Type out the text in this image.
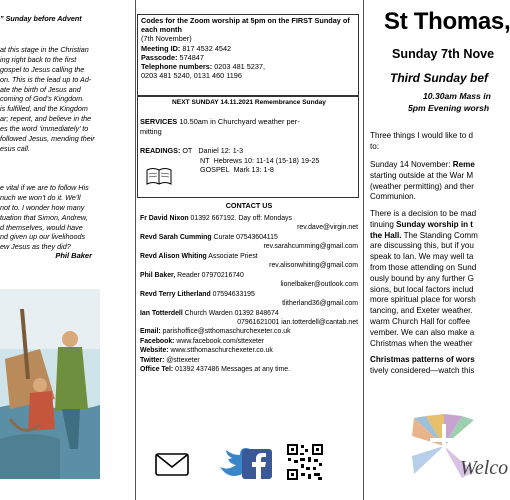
” Sunday before Advent
at this stage in the Christian
ing right back to the first
gospel to Jesus calling the
on. This is the lead up to Ad-
ate the birth of Jesus and
coming of God’s Kingdom.
is fulfilled, and the Kingdom
ar; repent, and believe in the
es the word ‘immediately’ to
followed Jesus, mending their
esus call.
e vital if we are to follow His
nuch we won’t do it. We’ll
not to. I wonder how many
tuation that Simon, Andrew,
d themselves, would have
nd given up our livelihoods
ew Jesus as they did?
Phil Baker
Codes for the Zoom worship at 5pm on the FIRST Sunday of each month
(7th November)
Meeting ID: 817 4532 4542
Passcode: 574847
Telephone numbers: 0203 481 5237,
0203 481 5240, 0131 460 1196
NEXT SUNDAY 14.11.2021 Remembrance Sunday
SERVICES 10.50am in Churchyard weather per-
mitting
READINGS: OT Daniel 12: 1-3
NT Hebrews 10: 11-14 (15-18) 19-25
GOSPEL Mark 13: 1-8
CONTACT US
Fr David Nixon 01392 667192. Day off: Mondays
rev.dave@virgin.net
Revd Sarah Cumming Curate 07543604115
rev.sarahcumming@gmail.com
Revd Alison Whiting Associate Priest
rev.alisonwhiting@gmail.com
Phil Baker, Reader 07970216740
lionelbaker@outlook.com
Revd Terry Litherland 07594633195
tlitherland36@gmail.com
Ian Totterdell Church Warden 01392 848674
07961621001 ian.totterdell@cantab.net
Email: parishoffice@stthomaschurchexeter.co.uk
Facebook: www.facebook.com/sttexeter
Website: www.stthomaschurchexeter.co.uk
Twitter: @sttexeter
Office Tel: 01392 437486 Messages at any time.
St Thomas,
Sunday 7th Nove
Third Sunday bef
10.30am Mass in
5pm Evening worsh
Three things I would like to d
to:
Sunday 14 November: Reme
starting outside at the War M
(weather permitting) and ther
Communion.
There is a decision to be mad
tinuing Sunday worship in t
the Hall. The Standing Comm
are discussing this, but if you
speak to Ian. We may well ta
from those attending on Sund
ously bound by any further G
sions, but local factors includ
more spiritual place for worsh
tancing, and Exeter weather.
warm Church Hall for coffee
vember. We can also make a
Christmas when the weather
Christmas patterns of wors
tively considered—watch this
Welco
